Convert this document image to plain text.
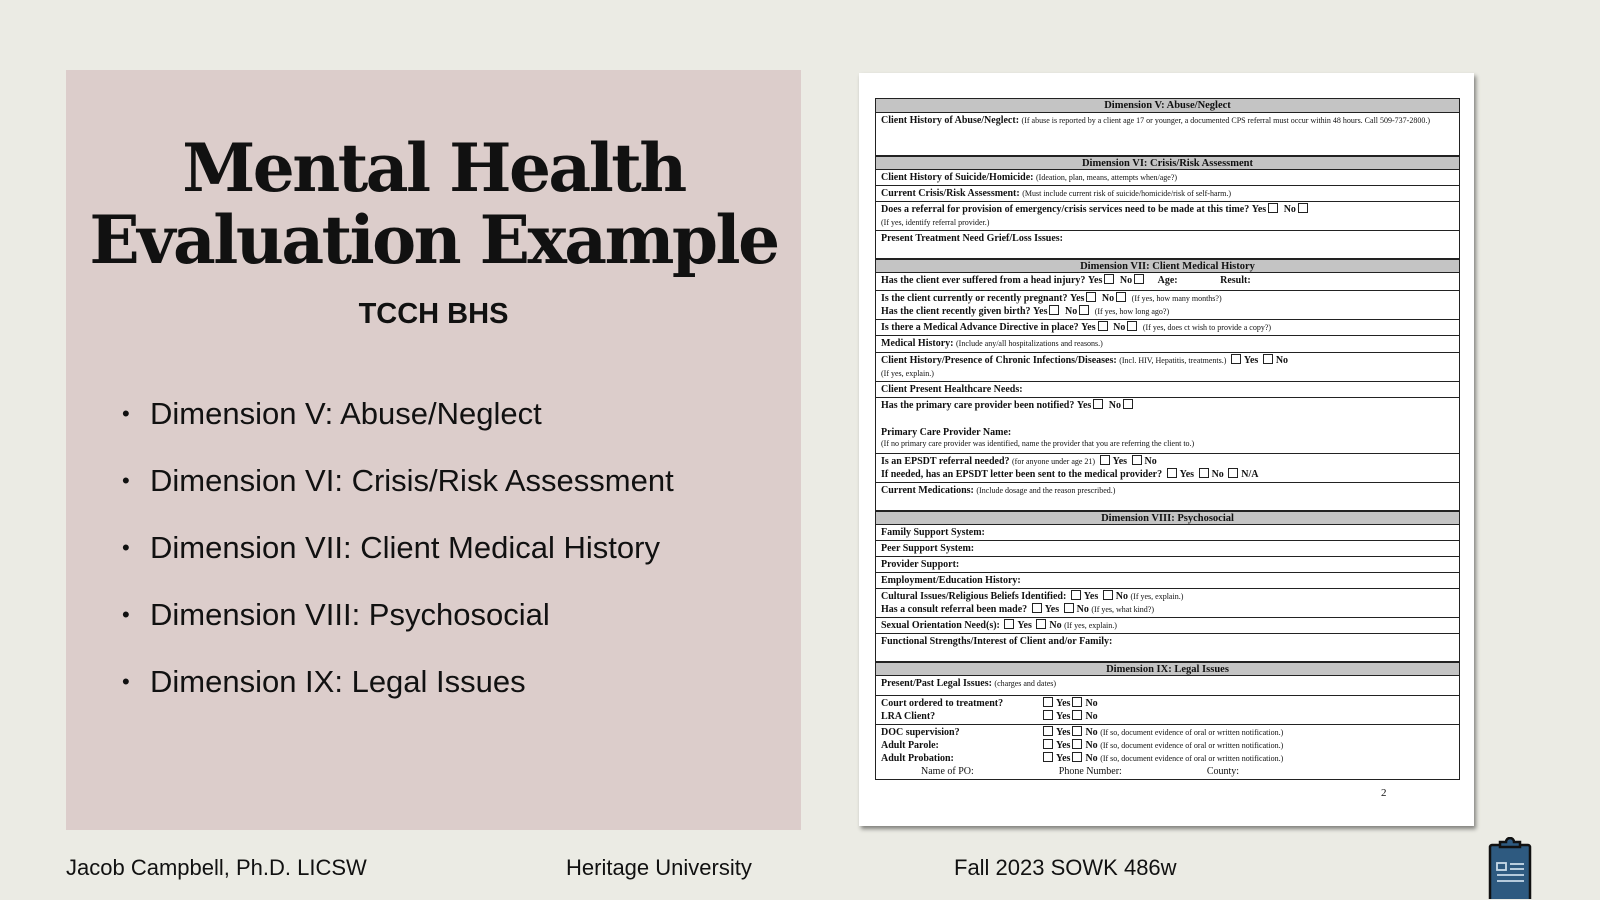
Mental Health
Evaluation Example
TCCH BHS
• Dimension V: Abuse/Neglect
• Dimension VI: Crisis/Risk Assessment
• Dimension VII: Client Medical History
• Dimension VIII: Psychosocial
• Dimension IX: Legal Issues
Dimension V: Abuse/Neglect
Client History of Abuse/Neglect: (If abuse is reported by a client age 17 or younger, a documented CPS referral must occur within 48 hours. Call 509-737-2800.)
Dimension VI: Crisis/Risk Assessment
Client History of Suicide/Homicide: (Ideation, plan, means, attempts when/age?)
Current Crisis/Risk Assessment: (Must include current risk of suicide/homicide/risk of self-harm.)
Does a referral for provision of emergency/crisis services need to be made at this time? Yes No
(If yes, identify referral provider.)
Present Treatment Need Grief/Loss Issues:
Dimension VII: Client Medical History
Has the client ever suffered from a head injury? Yes No	Age:	Result:
Is the client currently or recently pregnant? Yes No (If yes, how many months?)
Has the client recently given birth? Yes No (If yes, how long ago?)
Is there a Medical Advance Directive in place? Yes No (If yes, does ct wish to provide a copy?)
Medical History: (Include any/all hospitalizations and reasons.)
Client History/Presence of Chronic Infections/Diseases: (Incl. HIV, Hepatitis, treatments.) Yes No
(If yes, explain.)
Client Present Healthcare Needs:
Has the primary care provider been notified? Yes No
Primary Care Provider Name:
(If no primary care provider was identified, name the provider that you are referring the client to.)
Is an EPSDT referral needed? (for anyone under age 21) Yes No
If needed, has an EPSDT letter been sent to the medical provider? Yes No N/A
Current Medications: (Include dosage and the reason prescribed.)
Dimension VIII: Psychosocial
Family Support System:
Peer Support System:
Provider Support:
Employment/Education History:
Cultural Issues/Religious Beliefs Identified: Yes No (If yes, explain.)
Has a consult referral been made? Yes No (If yes, what kind?)
Sexual Orientation Need(s): Yes No (If yes, explain.)
Functional Strengths/Interest of Client and/or Family:
Dimension IX: Legal Issues
Present/Past Legal Issues: (charges and dates)
Court ordered to treatment?	Yes No
LRA Client?	Yes No
DOC supervision?	Yes No (If so, document evidence of oral or written notification.)
Adult Parole:	Yes No (If so, document evidence of oral or written notification.)
Adult Probation:	Yes No (If so, document evidence of oral or written notification.)
Name of PO:	Phone Number:	County:
2
Jacob Campbell, Ph.D. LICSW	Heritage University	Fall 2023 SOWK 486w
